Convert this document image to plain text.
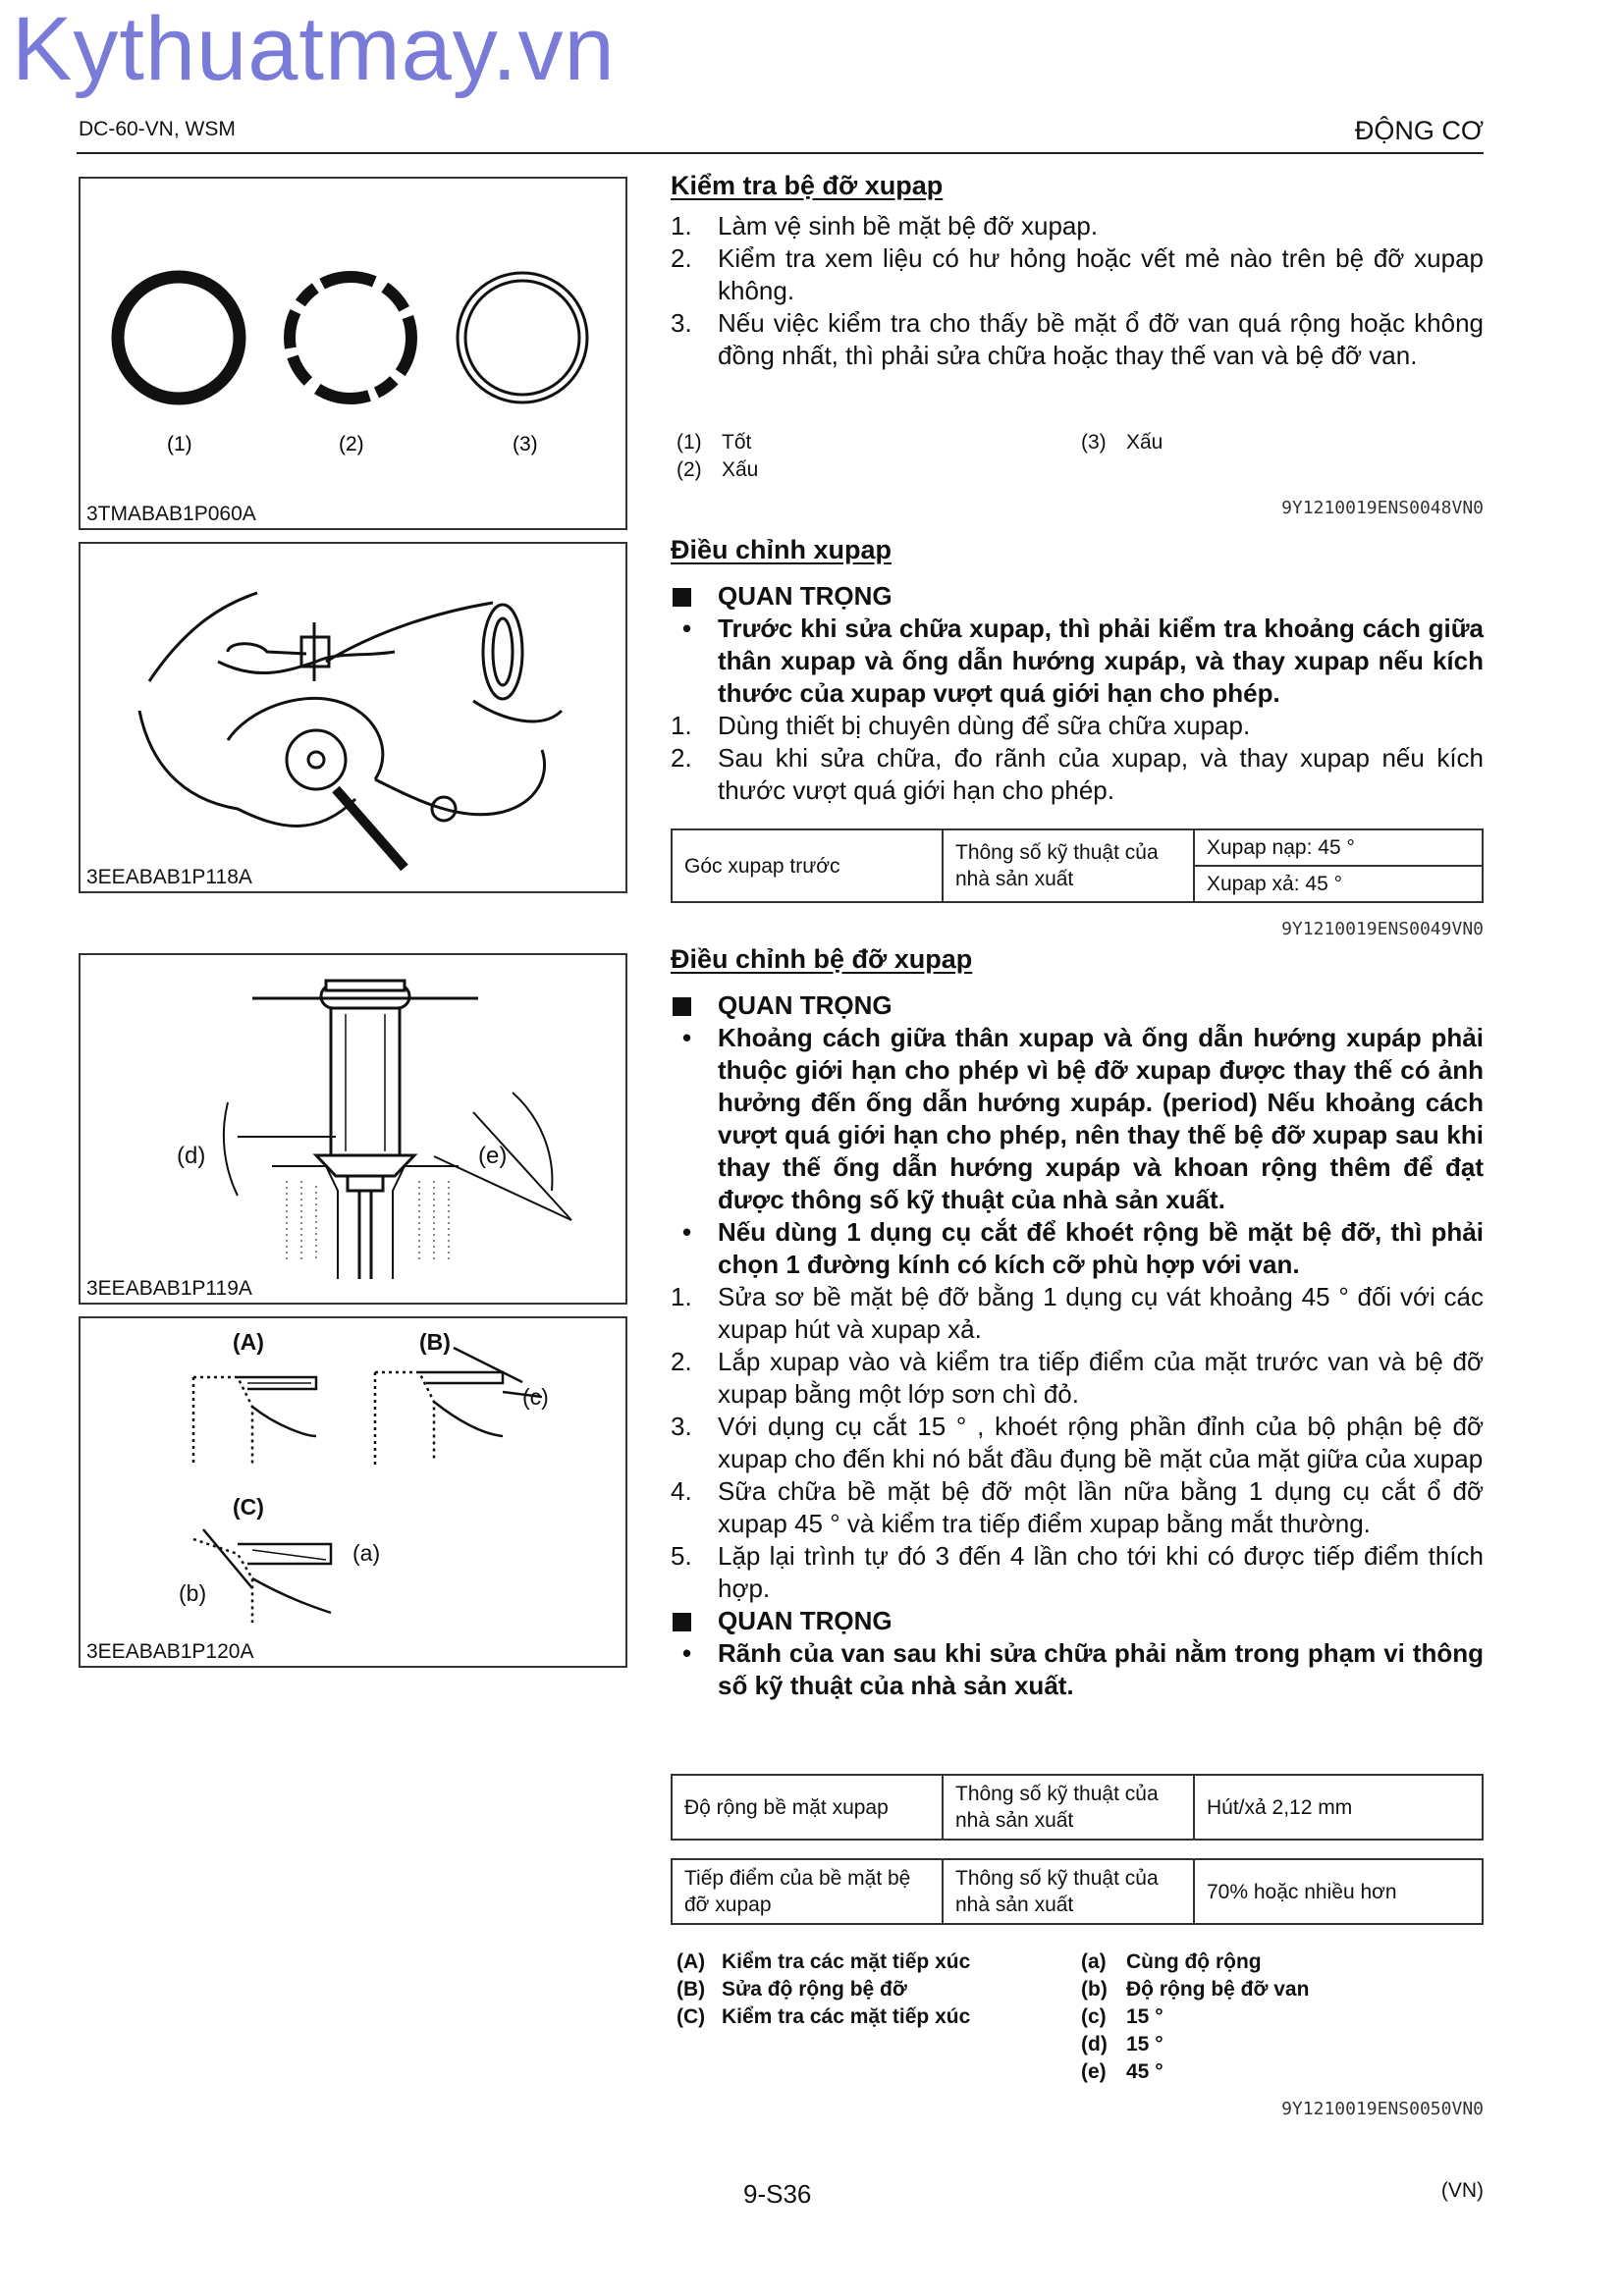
Kythuatmay.vn
DC-60-VN, WSM	ĐỘNG CƠ
(1)	(2)	(3)
3TMABAB1P060A
3EEABAB1P118A
(d)	(e)
3EEABAB1P119A
(A)	(B)
(c)
(C)
(a)
(b)
3EEABAB1P120A
Kiểm tra bệ đỡ xupap
1. Làm vệ sinh bề mặt bệ đỡ xupap.
2. Kiểm tra xem liệu có hư hỏng hoặc vết mẻ nào trên bệ đỡ xupap không.
3. Nếu việc kiểm tra cho thấy bề mặt ổ đỡ van quá rộng hoặc không đồng nhất, thì phải sửa chữa hoặc thay thế van và bệ đỡ van.
(1) Tốt
(2) Xấu
(3) Xấu
9Y1210019ENS0048VN0
Điều chỉnh xupap
QUAN TRỌNG
• Trước khi sửa chữa xupap, thì phải kiểm tra khoảng cách giữa thân xupap và ống dẫn hướng xupáp, và thay xupap nếu kích thước của xupap vượt quá giới hạn cho phép.
1. Dùng thiết bị chuyên dùng để sữa chữa xupap.
2. Sau khi sửa chữa, đo rãnh của xupap, và thay xupap nếu kích thước vượt quá giới hạn cho phép.
Góc xupap trước	Thông số kỹ thuật của nhà sản xuất	Xupap nạp: 45 °
Xupap xả: 45 °
9Y1210019ENS0049VN0
Điều chỉnh bệ đỡ xupap
QUAN TRỌNG
• Khoảng cách giữa thân xupap và ống dẫn hướng xupáp phải thuộc giới hạn cho phép vì bệ đỡ xupap được thay thế có ảnh hưởng đến ống dẫn hướng xupáp. (period) Nếu khoảng cách vượt quá giới hạn cho phép, nên thay thế bệ đỡ xupap sau khi thay thế ống dẫn hướng xupáp và khoan rộng thêm để đạt được thông số kỹ thuật của nhà sản xuất.
• Nếu dùng 1 dụng cụ cắt để khoét rộng bề mặt bệ đỡ, thì phải chọn 1 đường kính có kích cỡ phù hợp với van.
1. Sửa sơ bề mặt bệ đỡ bằng 1 dụng cụ vát khoảng 45 ° đối với các xupap hút và xupap xả.
2. Lắp xupap vào và kiểm tra tiếp điểm của mặt trước van và bệ đỡ xupap bằng một lớp sơn chì đỏ.
3. Với dụng cụ cắt 15 ° , khoét rộng phần đỉnh của bộ phận bệ đỡ xupap cho đến khi nó bắt đầu đụng bề mặt của mặt giữa của xupap
4. Sữa chữa bề mặt bệ đỡ một lần nữa bằng 1 dụng cụ cắt ổ đỡ xupap 45 ° và kiểm tra tiếp điểm xupap bằng mắt thường.
5. Lặp lại trình tự đó 3 đến 4 lần cho tới khi có được tiếp điểm thích hợp.
QUAN TRỌNG
• Rãnh của van sau khi sửa chữa phải nằm trong phạm vi thông số kỹ thuật của nhà sản xuất.
Độ rộng bề mặt xupap	Thông số kỹ thuật của nhà sản xuất	Hút/xả 2,12 mm
Tiếp điểm của bề mặt bệ đỡ xupap	Thông số kỹ thuật của nhà sản xuất	70% hoặc nhiều hơn
(A) Kiểm tra các mặt tiếp xúc
(B) Sửa độ rộng bệ đỡ
(C) Kiểm tra các mặt tiếp xúc
(a) Cùng độ rộng
(b) Độ rộng bệ đỡ van
(c) 15 °
(d) 15 °
(e) 45 °
9Y1210019ENS0050VN0
9-S36	(VN)
